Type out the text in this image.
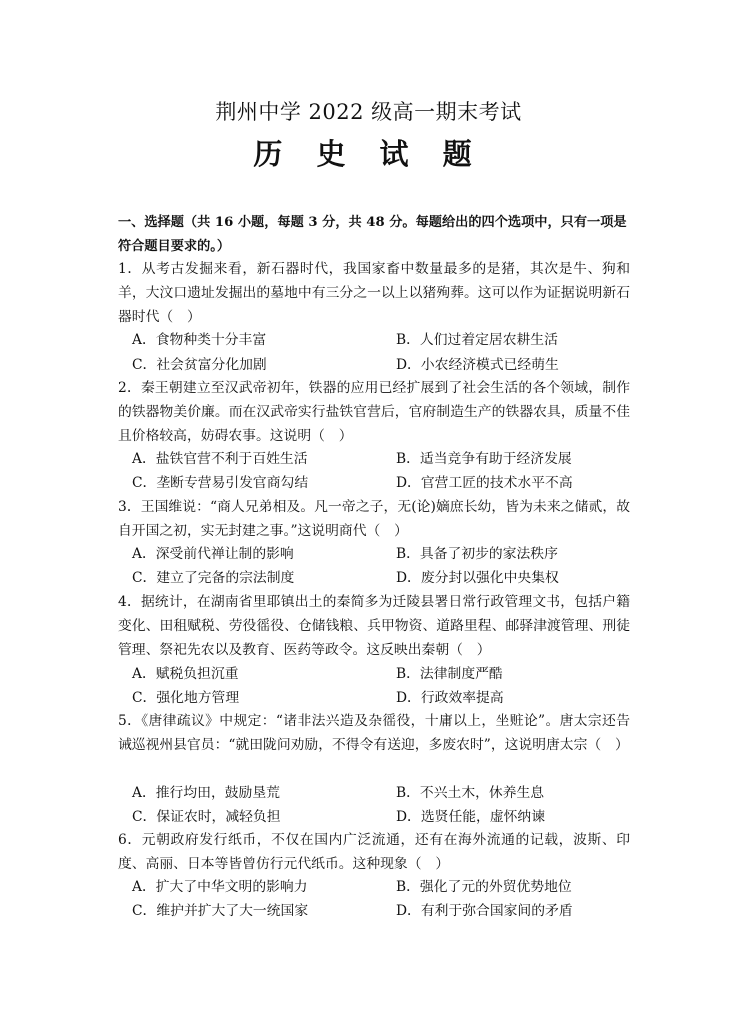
荆州中学 2022 级高一期末考试
历 史 试 题
一、选择题（共 16 小题，每题 3 分，共 48 分。每题给出的四个选项中，只有一项是符合题目要求的。）
1．从考古发掘来看，新石器时代，我国家畜中数量最多的是猪，其次是牛、狗和羊，大汶口遗址发掘出的墓地中有三分之一以上以猪殉葬。这可以作为证据说明新石器时代（　）
A．食物种类十分丰富	B．人们过着定居农耕生活
C．社会贫富分化加剧	D．小农经济模式已经萌生
2．秦王朝建立至汉武帝初年，铁器的应用已经扩展到了社会生活的各个领域，制作的铁器物美价廉。而在汉武帝实行盐铁官营后，官府制造生产的铁器农具，质量不佳且价格较高，妨碍农事。这说明（　）
A．盐铁官营不利于百姓生活	B．适当竞争有助于经济发展
C．垄断专营易引发官商勾结	D．官营工匠的技术水平不高
3．王国维说：“商人兄弟相及。凡一帝之子，无(论)嫡庶长幼，皆为未来之储贰，故自开国之初，实无封建之事。”这说明商代（　）
A．深受前代禅让制的影响	B．具备了初步的家法秩序
C．建立了完备的宗法制度	D．废分封以强化中央集权
4．据统计，在湖南省里耶镇出土的秦简多为迁陵县署日常行政管理文书，包括户籍变化、田租赋税、劳役徭役、仓储钱粮、兵甲物资、道路里程、邮驿津渡管理、刑徒管理、祭祀先农以及教育、医药等政令。这反映出秦朝（　）
A．赋税负担沉重	B．法律制度严酷
C．强化地方管理	D．行政效率提高
5．《唐律疏议》中规定：“诸非法兴造及杂徭役，十庸以上，坐赃论”。唐太宗还告诫巡视州县官员：“就田陇问劝励，不得令有送迎，多废农时”，这说明唐太宗（　）
A．推行均田，鼓励垦荒	B．不兴土木，休养生息
C．保证农时，减轻负担	D．选贤任能，虚怀纳谏
6．元朝政府发行纸币，不仅在国内广泛流通，还有在海外流通的记载，波斯、印度、高丽、日本等皆曾仿行元代纸币。这种现象（　）
A．扩大了中华文明的影响力	B．强化了元的外贸优势地位
C．维护并扩大了大一统国家	D．有利于弥合国家间的矛盾
